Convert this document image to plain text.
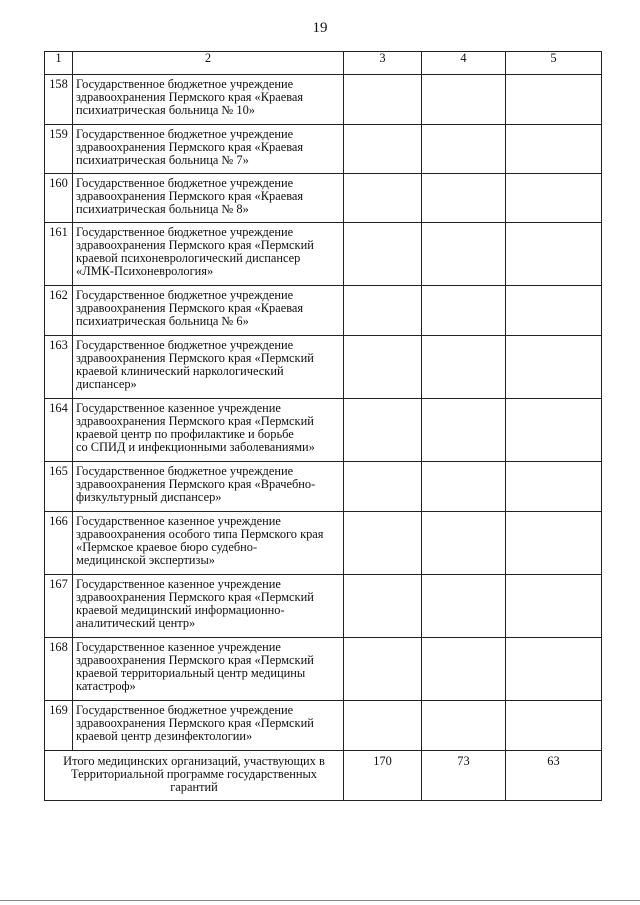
19
1	2	3	4	5
158	Государственное бюджетное учреждение
здравоохранения Пермского края «Краевая
психиатрическая больница № 10»			

159	Государственное бюджетное учреждение
здравоохранения Пермского края «Краевая
психиатрическая больница № 7»			

160	Государственное бюджетное учреждение
здравоохранения Пермского края «Краевая
психиатрическая больница № 8»			

161	Государственное бюджетное учреждение
здравоохранения Пермского края «Пермский
краевой психоневрологический диспансер
«ЛМК-Психоневрология»			

162	Государственное бюджетное учреждение
здравоохранения Пермского края «Краевая
психиатрическая больница № 6»			

163	Государственное бюджетное учреждение
здравоохранения Пермского края «Пермский
краевой клинический наркологический
диспансер»			

164	Государственное казенное учреждение
здравоохранения Пермского края «Пермский
краевой центр по профилактике и борьбе
со СПИД и инфекционными заболеваниями»			

165	Государственное бюджетное учреждение
здравоохранения Пермского края «Врачебно-
физкультурный диспансер»			

166	Государственное казенное учреждение
здравоохранения особого типа Пермского края
«Пермское краевое бюро судебно-
медицинской экспертизы»			

167	Государственное казенное учреждение
здравоохранения Пермского края «Пермский
краевой медицинский информационно-
аналитический центр»			

168	Государственное казенное учреждение
здравоохранения Пермского края «Пермский
краевой территориальный центр медицины
катастроф»			

169	Государственное бюджетное учреждение
здравоохранения Пермского края «Пермский
краевой центр дезинфектологии»			

Итого медицинских организаций, участвующих в Территориальной программе государственных гарантий		170	73	63
